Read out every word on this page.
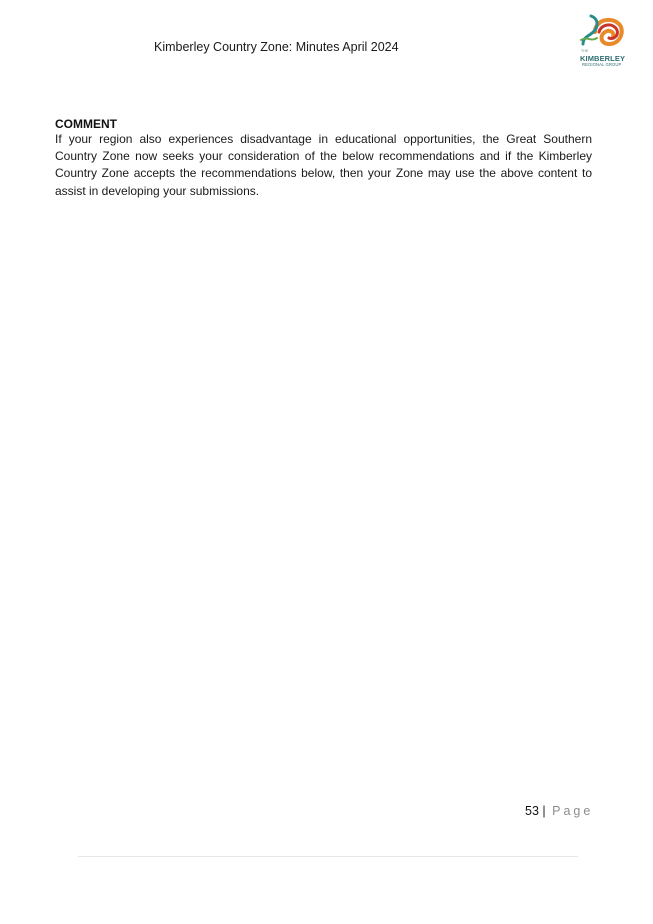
Kimberley Country Zone: Minutes April 2024	THE
KIMBERLEY
REGIONAL GROUP
COMMENT

If your region also experiences disadvantage in educational opportunities, the Great Southern Country Zone now seeks your consideration of the below recommendations and if the Kimberley Country Zone accepts the recommendations below, then your Zone may use the above content to assist in developing your submissions.

53 | Page
